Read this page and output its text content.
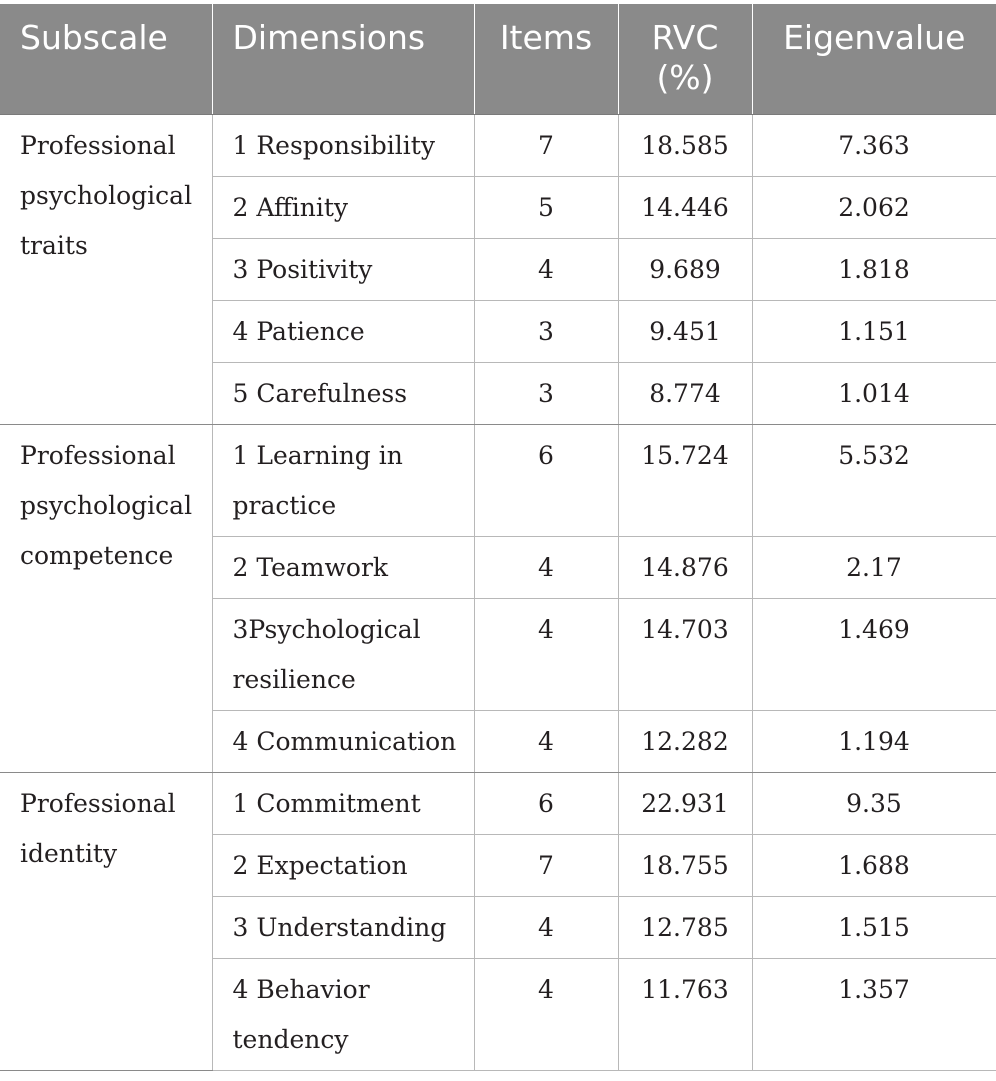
Subscale	Dimensions	Items	RVC (%)	Eigenvalue
Professional psychological traits	1 Responsibility	7	18.585	7.363
	2 Affinity	5	14.446	2.062
	3 Positivity	4	9.689	1.818
	4 Patience	3	9.451	1.151
	5 Carefulness	3	8.774	1.014
Professional psychological competence	1 Learning in practice	6	15.724	5.532
	2 Teamwork	4	14.876	2.17
	3Psychological resilience	4	14.703	1.469
	4 Communication	4	12.282	1.194
Professional identity	1 Commitment	6	22.931	9.35
	2 Expectation	7	18.755	1.688
	3 Understanding	4	12.785	1.515
	4 Behavior tendency	4	11.763	1.357
